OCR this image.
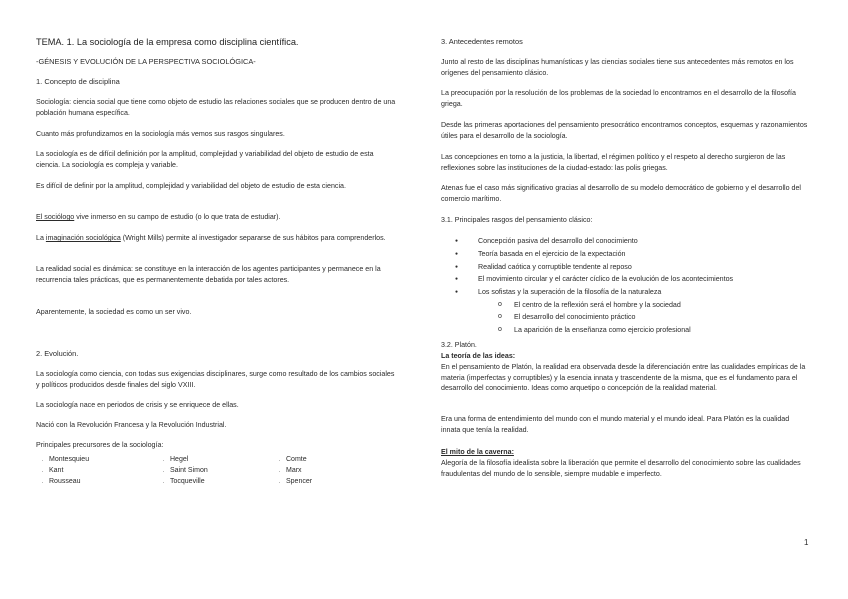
TEMA. 1. La sociología de la empresa como disciplina científica.

-GÉNESIS Y EVOLUCIÓN DE LA PERSPECTIVA SOCIOLÓGICA-

1. Concepto de disciplina

Sociología: ciencia social que tiene como objeto de estudio las relaciones sociales que se producen dentro de una población humana específica.

Cuanto más profundizamos en la sociología más vemos sus rasgos singulares.

La sociología es de difícil definición por la amplitud, complejidad y variabilidad del objeto de estudio de esta ciencia. La sociología es compleja y variable.

Es difícil de definir por la amplitud, complejidad y variabilidad del objeto de estudio de esta ciencia.

El sociólogo vive inmerso en su campo de estudio (o lo que trata de estudiar).

La imaginación sociológica (Wright Mills) permite al investigador separarse de sus hábitos para comprenderlos.

La realidad social es dinámica: se constituye en la interacción de los agentes participantes y permanece en la recurrencia tales prácticas, que es permanentemente debatida por tales actores.

Aparentemente, la sociedad es como un ser vivo.

2. Evolución.

La sociología como ciencia, con todas sus exigencias disciplinares, surge como resultado de los cambios sociales y políticos producidos desde finales del siglo VXIII.

La sociología nace en periodos de crisis y se enriquece de ellas.

Nació con la Revolución Francesa y la Revolución Industrial.

Principales precursores de la sociología:

Montesquieu	Hegel	Comte
Kant	Saint Simon	Marx
Rousseau	Tocqueville	Spencer

3. Antecedentes remotos

Junto al resto de las disciplinas humanísticas y las ciencias sociales tiene sus antecedentes más remotos en los orígenes del pensamiento clásico.

La preocupación por la resolución de los problemas de la sociedad lo encontramos en el desarrollo de la filosofía griega.

Desde las primeras aportaciones del pensamiento presocrático encontramos conceptos, esquemas y razonamientos útiles para el desarrollo de la sociología.

Las concepciones en torno a la justicia, la libertad, el régimen político y el respeto al derecho surgieron de las reflexiones sobre las instituciones de la ciudad-estado: las polis griegas.

Atenas fue el caso más significativo gracias al desarrollo de su modelo democrático de gobierno y el desarrollo del comercio marítimo.

3.1. Principales rasgos del pensamiento clásico:

● Concepción pasiva del desarrollo del conocimiento
● Teoría basada en el ejercicio de la expectación
● Realidad caótica y corruptible tendente al reposo
● El movimiento circular y el carácter cíclico de la evolución de los acontecimientos
● Los sofistas y la superación de la filosofía de la naturaleza
o El centro de la reflexión será el hombre y la sociedad
o El desarrollo del conocimiento práctico
o La aparición de la enseñanza como ejercicio profesional

3.2. Platón.

La teoría de las ideas:

En el pensamiento de Platón, la realidad era observada desde la diferenciación entre las cualidades empíricas de la materia (imperfectas y corruptibles) y la esencia innata y trascendente de la misma, que es el fundamento para el desarrollo del conocimiento. Ideas como arquetipo o concepción de la realidad material.

Era una forma de entendimiento del mundo con el mundo material y el mundo ideal. Para Platón es la cualidad innata que tenía la realidad.

El mito de la caverna:

Alegoría de la filosofía idealista sobre la liberación que permite el desarrollo del conocimiento sobre las cualidades fraudulentas del mundo de lo sensible, siempre mudable e imperfecto.

1
